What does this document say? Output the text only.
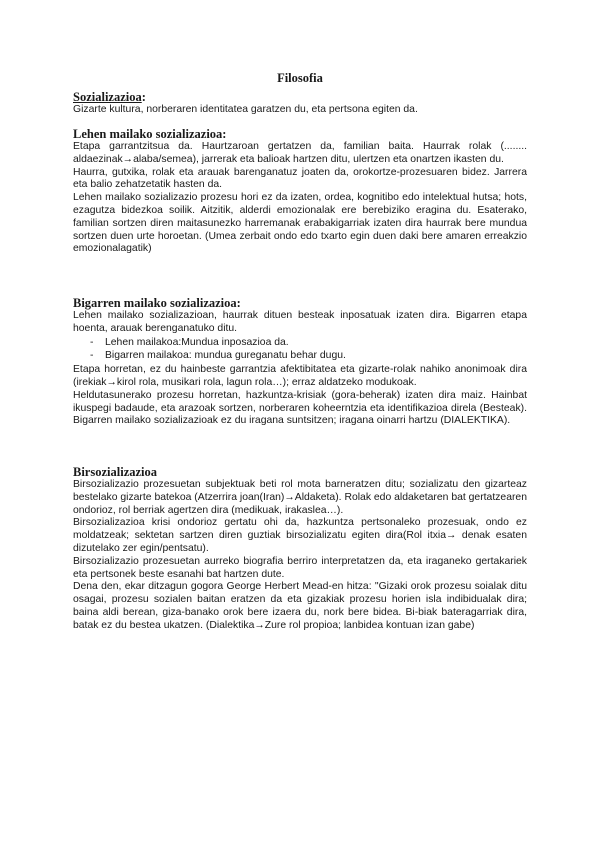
Filosofia
Sozializazioa:

Gizarte kultura, norberaren identitatea garatzen du, eta pertsona egiten da.

Lehen mailako sozializazioa:

Etapa garrantzitsua da. Haurtzaroan gertatzen da, familian baita. Haurrak rolak (........ aldaezinak→alaba/semea), jarrerak eta balioak hartzen ditu, ulertzen eta onartzen ikasten du.

Haurra, gutxika, rolak eta arauak barenganatuz joaten da, orokortze-prozesuaren bidez. Jarrera eta balio zehatzetatik hasten da.

Lehen mailako sozializazio prozesu hori ez da izaten, ordea, kognitibo edo intelektual hutsa; hots, ezagutza bidezkoa soilik. Aitzitik, alderdi emozionalak ere berebiziko eragina du. Esaterako, familian sortzen diren maitasunezko harremanak erabakigarriak izaten dira haurrak bere mundua sortzen duen urte horoetan. (Umea zerbait ondo edo txarto egin duen daki bere amaren erreakzio emozionalagatik)

Bigarren mailako sozializazioa:

Lehen mailako sozializazioan, haurrak dituen besteak inposatuak izaten dira. Bigarren etapa hoenta, arauak berenganatuko ditu.

- Lehen mailakoa:Mundua inposazioa da.
- Bigarren mailakoa: mundua gureganatu behar dugu.

Etapa horretan, ez du hainbeste garrantzia afektibitatea eta gizarte-rolak nahiko anonimoak dira (irekiak→kirol rola, musikari rola, lagun rola…); erraz aldatzeko modukoak.

Heldutasunerako prozesu horretan, hazkuntza-krisiak (gora-beherak) izaten dira maiz. Hainbat ikuspegi badaude, eta arazoak sortzen, norberaren koheerntzia eta identifikazioa direla (Besteak). Bigarren mailako sozializazioak ez du iragana suntsitzen; iragana oinarri hartzu (DIALEKTIKA).

Birsozializazioa

Birsozializazio prozesuetan subjektuak beti rol mota barneratzen ditu; sozializatu den gizarteaz bestelako gizarte batekoa (Atzerrira joan(Iran)→Aldaketa). Rolak edo aldaketaren bat gertatzearen ondorioz, rol berriak agertzen dira (medikuak, irakaslea…).

Birsozializazioa krisi ondorioz gertatu ohi da, hazkuntza pertsonaleko prozesuak, ondo ez moldatzeak; sektetan sartzen diren guztiak birsozializatu egiten dira(Rol itxia→ denak esaten dizutelako zer egin/pentsatu).

Birsozializazio prozesuetan aurreko biografia berriro interpretatzen da, eta iraganeko gertakariek eta pertsonek beste esanahi bat hartzen dute.

Dena den, ekar ditzagun gogora George Herbert Mead-en hitza: "Gizaki orok prozesu soialak ditu osagai, prozesu sozialen baitan eratzen da eta gizakiak prozesu horien isla indibidualak dira; baina aldi berean, giza-banako orok bere izaera du, nork bere bidea. Bi-biak bateragarriak dira, batak ez du bestea ukatzen. (Dialektika→Zure rol propioa; lanbidea kontuan izan gabe)
